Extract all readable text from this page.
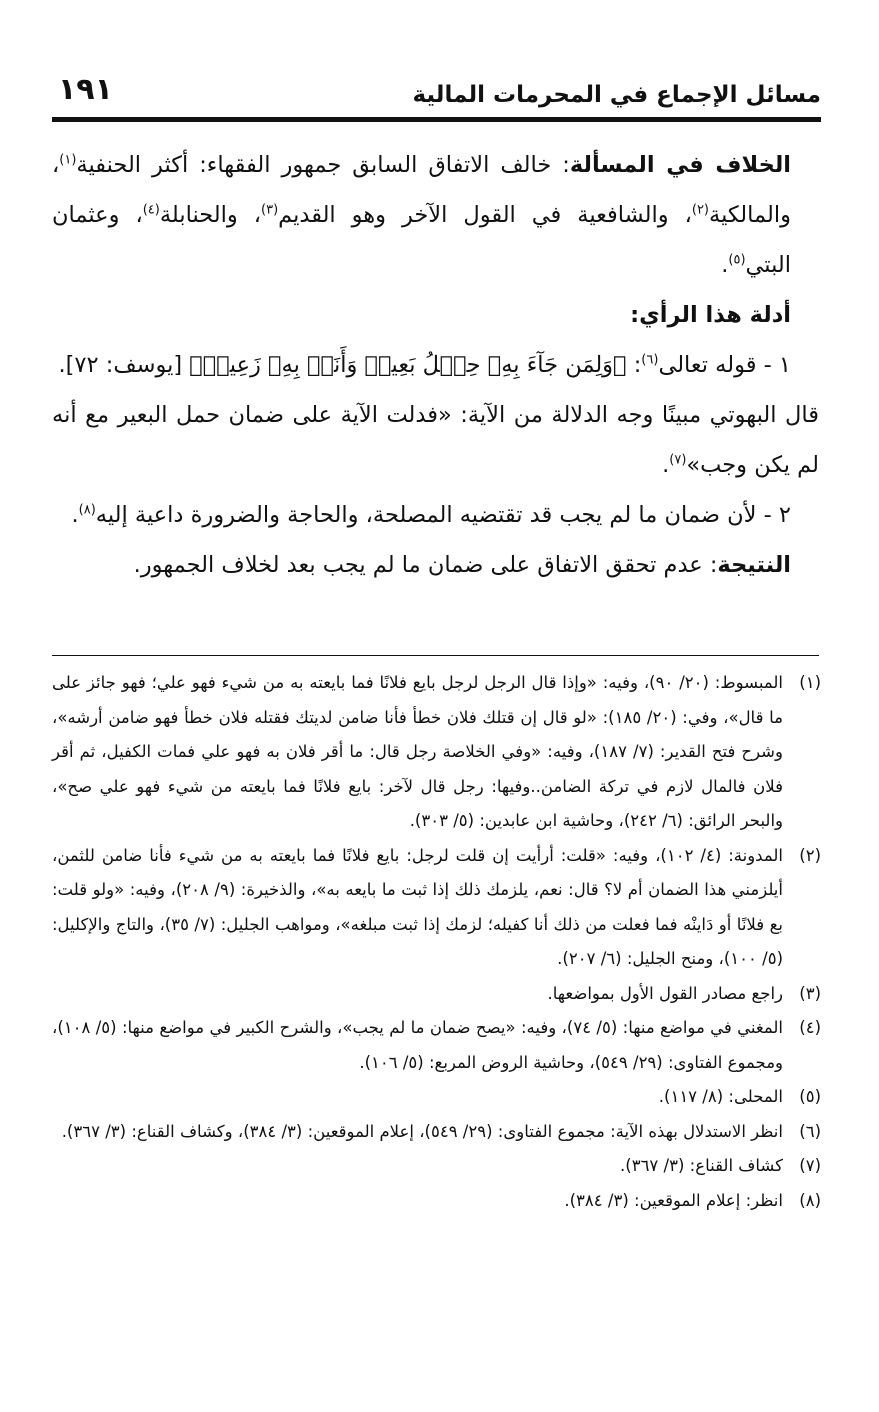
مسائل الإجماع في المحرمات المالية
١٩١

الخلاف في المسألة: خالف الاتفاق السابق جمهور الفقهاء: أكثر الحنفية$^{(١)}$، والمالكية$^{(٢)}$، والشافعية في القول الآخر وهو القديم$^{(٣)}$، والحنابلة$^{(٤)}$، وعثمان البتي$^{(٥)}$.

أدلة هذا الرأي:

١ - قوله تعالى$^{(٦)}$: ﴿وَلِمَن جَآءَ بِهِۦ حِمۡلُ بَعِيرٖ وَأَنَا۠ بِهِۦ زَعِيمٞ﴾ [يوسف: ٧٢].

قال البهوتي مبينًا وجه الدلالة من الآية: «فدلت الآية على ضمان حمل البعير مع أنه لم يكن وجب»$^{(٧)}$.

٢ - لأن ضمان ما لم يجب قد تقتضيه المصلحة، والحاجة والضرورة داعية إليه$^{(٨)}$.

النتيجة: عدم تحقق الاتفاق على ضمان ما لم يجب بعد لخلاف الجمهور.

(١)
المبسوط: (٢٠/ ٩٠)، وفيه: «وإذا قال الرجل لرجل بايع فلانًا فما بايعته به من شيء فهو علي؛ فهو جائز على ما قال»، وفي: (٢٠/ ١٨٥): «لو قال إن قتلك فلان خطأ فأنا ضامن لديتك فقتله فلان خطأ فهو ضامن أرشه»، وشرح فتح القدير: (٧/ ١٨٧)، وفيه: «وفي الخلاصة رجل قال: ما أقر فلان به فهو علي فمات الكفيل، ثم أقر فلان فالمال لازم في تركة الضامن..وفيها: رجل قال لآخر: بايع فلانًا فما بايعته من شيء فهو علي صح»، والبحر الرائق: (٦/ ٢٤٢)، وحاشية ابن عابدين: (٥/ ٣٠٣).
(٢)
المدونة: (٤/ ١٠٢)، وفيه: «قلت: أرأيت إن قلت لرجل: بايع فلانًا فما بايعته به من شيء فأنا ضامن للثمن، أيلزمني هذا الضمان أم لا؟ قال: نعم، يلزمك ذلك إذا ثبت ما بايعه به»، والذخيرة: (٩/ ٢٠٨)، وفيه: «ولو قلت: بع فلانًا أو دَاينْه فما فعلت من ذلك أنا كفيله؛ لزمك إذا ثبت مبلغه»، ومواهب الجليل: (٧/ ٣٥)، والتاج والإكليل: (٥/ ١٠٠)، ومنح الجليل: (٦/ ٢٠٧).
(٣)
راجع مصادر القول الأول بمواضعها.
(٤)
المغني في مواضع منها: (٥/ ٧٤)، وفيه: «يصح ضمان ما لم يجب»، والشرح الكبير في مواضع منها: (٥/ ١٠٨)، ومجموع الفتاوى: (٢٩/ ٥٤٩)، وحاشية الروض المربع: (٥/ ١٠٦).
(٥)
المحلى: (٨/ ١١٧).
(٦)
انظر الاستدلال بهذه الآية: مجموع الفتاوى: (٢٩/ ٥٤٩)، إعلام الموقعين: (٣/ ٣٨٤)، وكشاف القناع: (٣/ ٣٦٧).
(٧)
كشاف القناع: (٣/ ٣٦٧).
(٨)
انظر: إعلام الموقعين: (٣/ ٣٨٤).
